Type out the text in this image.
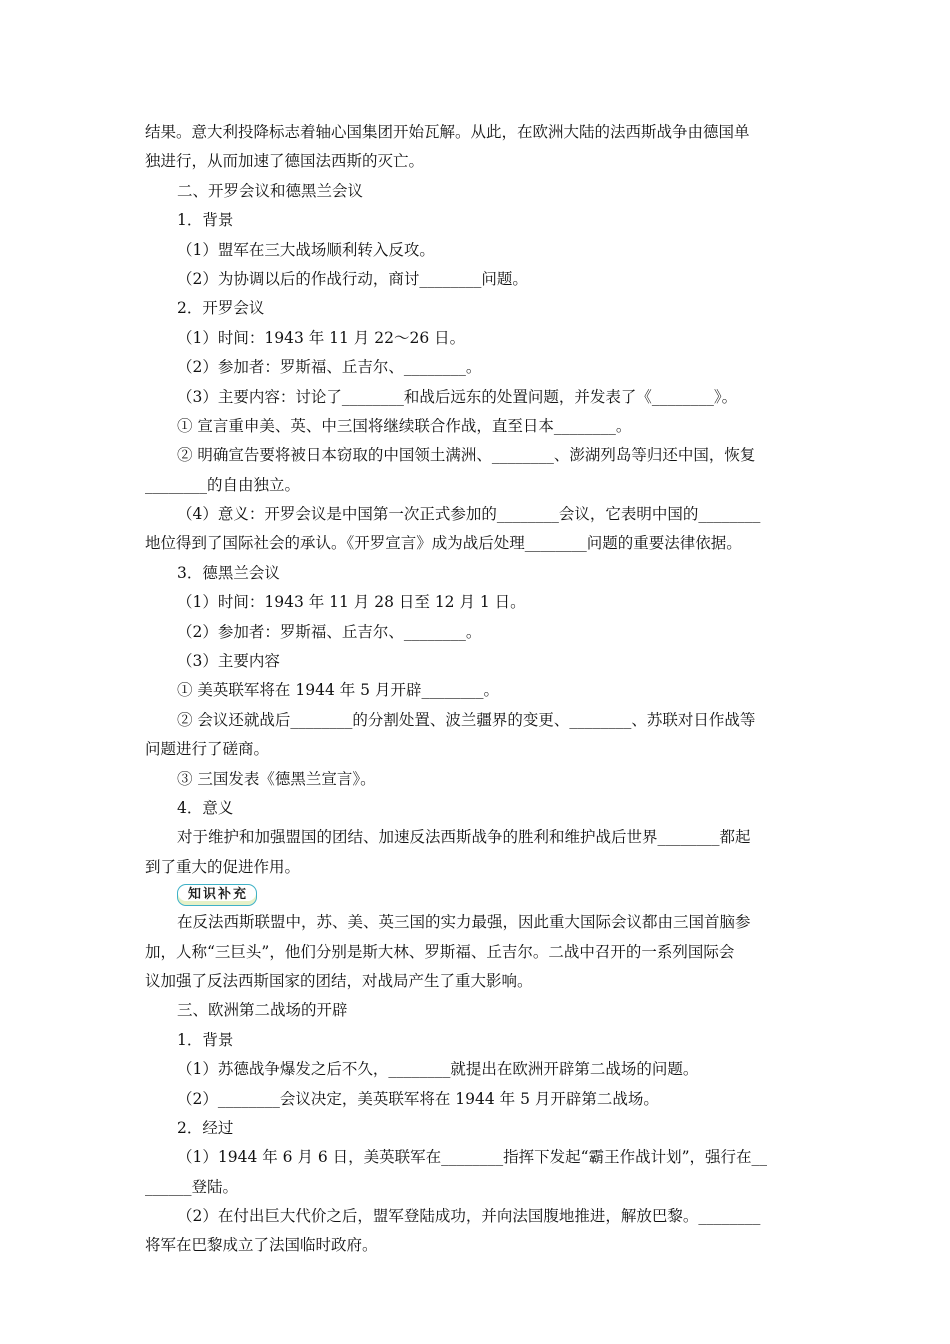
结果。意大利投降标志着轴心国集团开始瓦解。从此，在欧洲大陆的法西斯战争由德国单
独进行，从而加速了德国法西斯的灭亡。
二、开罗会议和德黑兰会议
1．背景
（1）盟军在三大战场顺利转入反攻。
（2）为协调以后的作战行动，商讨________问题。
2．开罗会议
（1）时间：1943 年 11 月 22～26 日。
（2）参加者：罗斯福、丘吉尔、________。
（3）主要内容：讨论了________和战后远东的处置问题，并发表了《________》。
① 宣言重申美、英、中三国将继续联合作战，直至日本________。
② 明确宣告要将被日本窃取的中国领土满洲、________、澎湖列岛等归还中国，恢复
________的自由独立。
（4）意义：开罗会议是中国第一次正式参加的________会议，它表明中国的________
地位得到了国际社会的承认。《开罗宣言》成为战后处理________问题的重要法律依据。
3．德黑兰会议
（1）时间：1943 年 11 月 28 日至 12 月 1 日。
（2）参加者：罗斯福、丘吉尔、________。
（3）主要内容
① 美英联军将在 1944 年 5 月开辟________。
② 会议还就战后________的分割处置、波兰疆界的变更、________、苏联对日作战等
问题进行了磋商。
③ 三国发表《德黑兰宣言》。
4．意义
对于维护和加强盟国的团结、加速反法西斯战争的胜利和维护战后世界________都起
到了重大的促进作用。
知识补充
在反法西斯联盟中，苏、美、英三国的实力最强，因此重大国际会议都由三国首脑参
加，人称“三巨头”，他们分别是斯大林、罗斯福、丘吉尔。二战中召开的一系列国际会
议加强了反法西斯国家的团结，对战局产生了重大影响。
三、欧洲第二战场的开辟
1．背景
（1）苏德战争爆发之后不久，________就提出在欧洲开辟第二战场的问题。
（2）________会议决定，美英联军将在 1944 年 5 月开辟第二战场。
2．经过
（1）1944 年 6 月 6 日，美英联军在________指挥下发起“霸王作战计划”，强行在__
______登陆。
（2）在付出巨大代价之后，盟军登陆成功，并向法国腹地推进，解放巴黎。________
将军在巴黎成立了法国临时政府。
